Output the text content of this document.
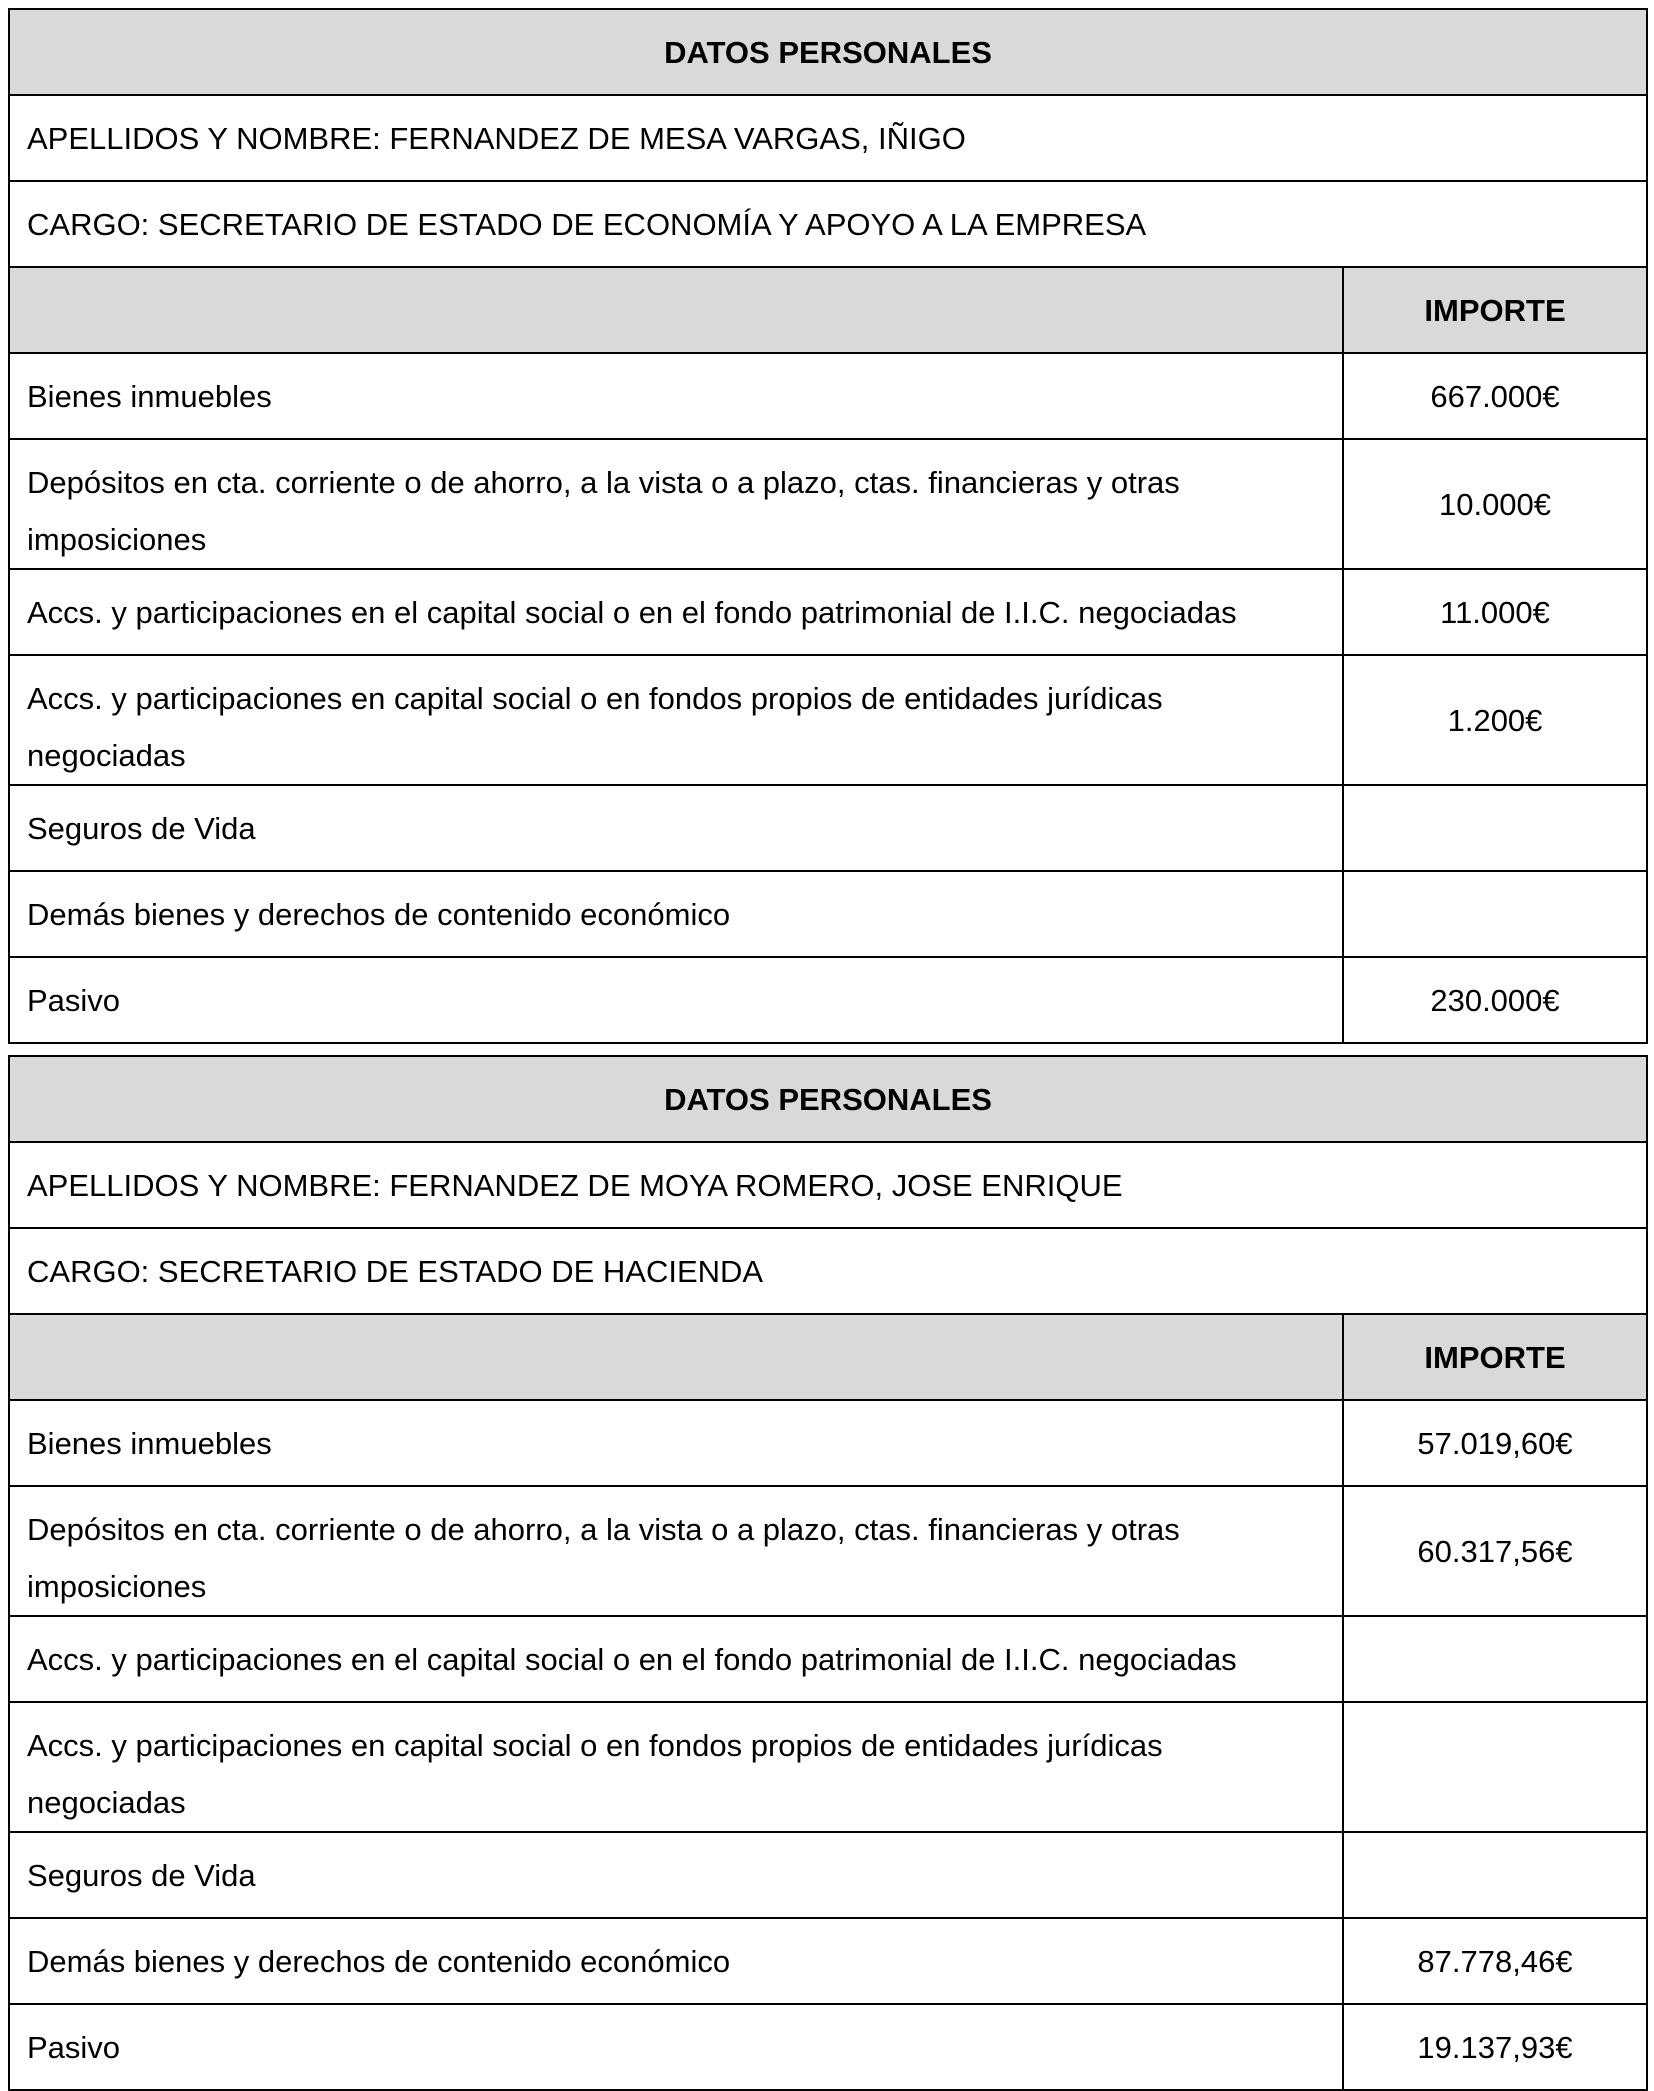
DATOS PERSONALES	
APELLIDOS Y NOMBRE: FERNANDEZ DE MESA VARGAS, IÑIGO	
CARGO: SECRETARIO DE ESTADO DE ECONOMÍA Y APOYO A LA EMPRESA	
	IMPORTE
Bienes inmuebles	667.000€
Depósitos en cta. corriente o de ahorro, a la vista o a plazo, ctas. financieras y otras imposiciones	10.000€
Accs. y participaciones en el capital social o en el fondo patrimonial de I.I.C. negociadas	11.000€
Accs. y participaciones en capital social o en fondos propios de entidades jurídicas negociadas	1.200€
Seguros de Vida	
Demás bienes y derechos de contenido económico	
Pasivo	230.000€
DATOS PERSONALES	
APELLIDOS Y NOMBRE: FERNANDEZ DE MOYA ROMERO, JOSE ENRIQUE	
CARGO: SECRETARIO DE ESTADO DE HACIENDA	
	IMPORTE
Bienes inmuebles	57.019,60€
Depósitos en cta. corriente o de ahorro, a la vista o a plazo, ctas. financieras y otras imposiciones	60.317,56€
Accs. y participaciones en el capital social o en el fondo patrimonial de I.I.C. negociadas	
Accs. y participaciones en capital social o en fondos propios de entidades jurídicas negociadas	
Seguros de Vida	
Demás bienes y derechos de contenido económico	87.778,46€
Pasivo	19.137,93€
